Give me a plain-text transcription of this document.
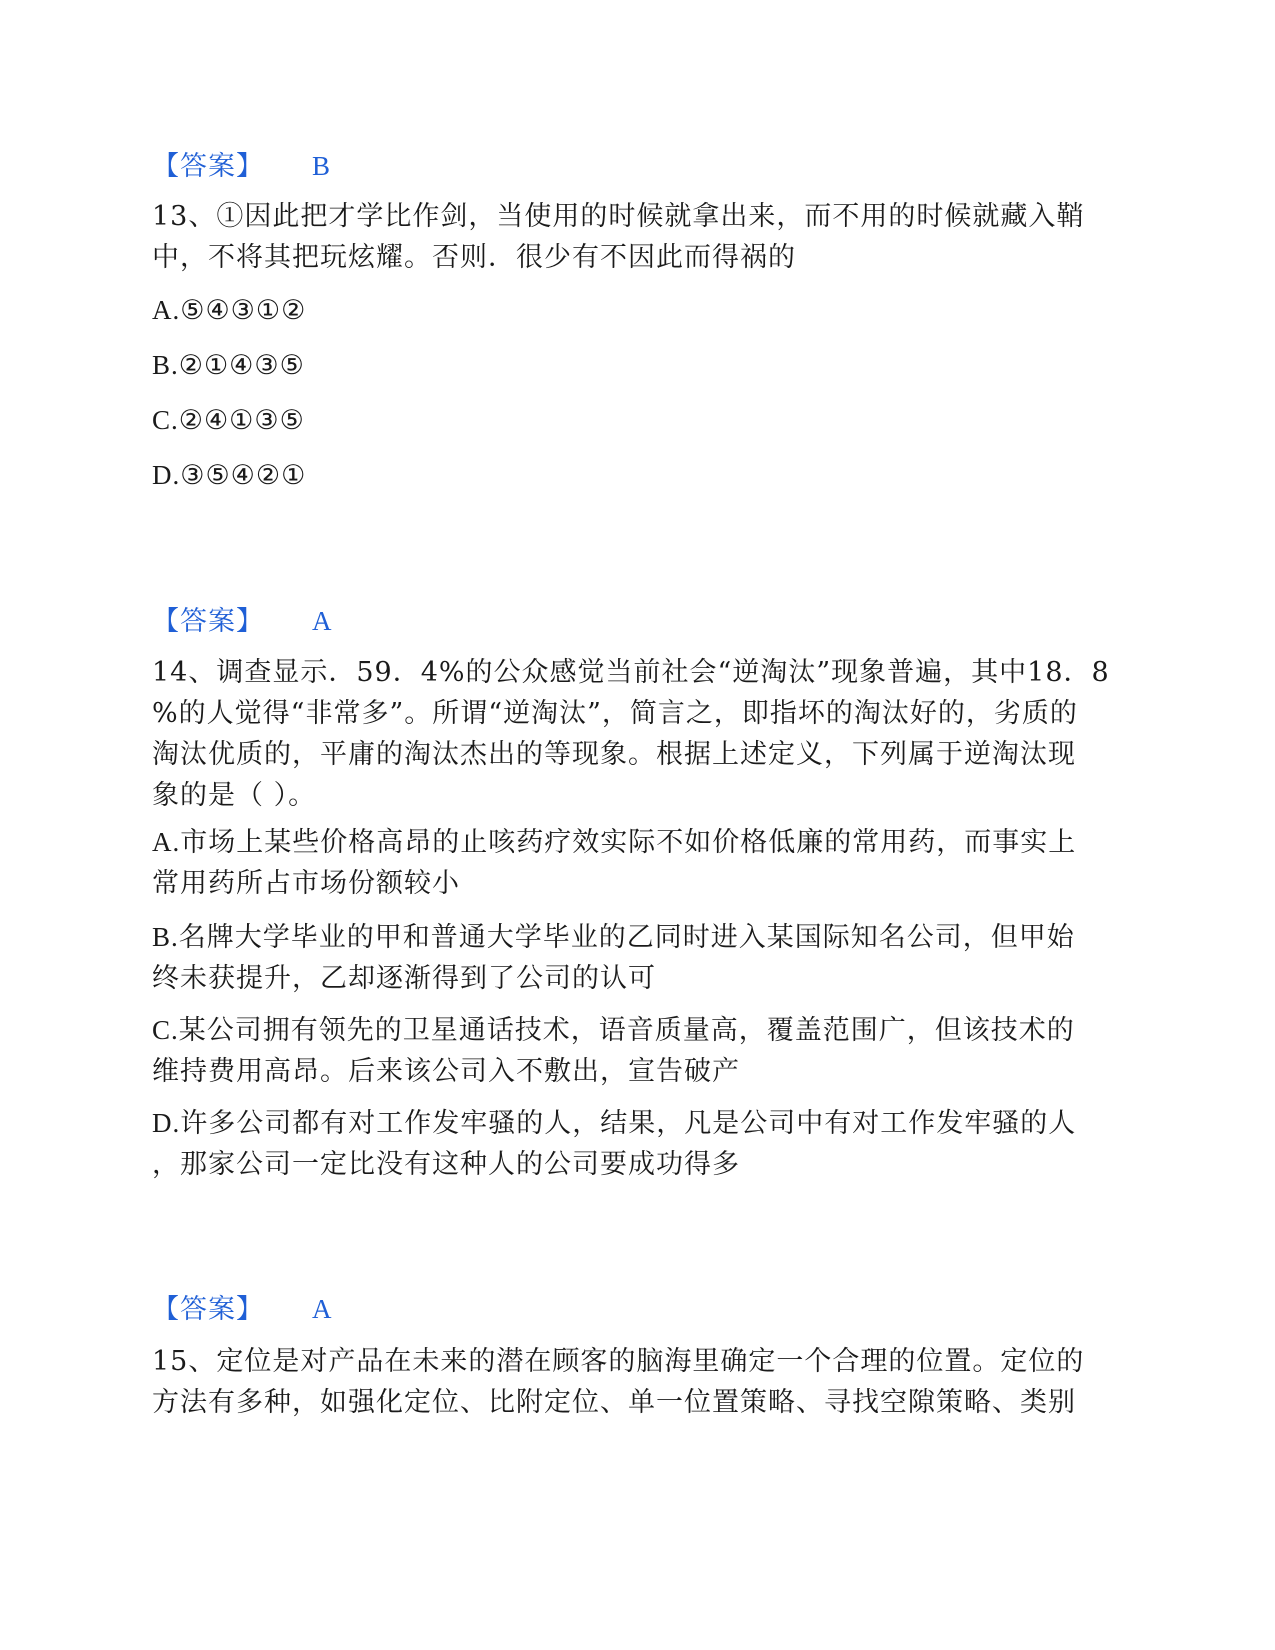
【答案】 B
13、①因此把才学比作剑，当使用的时候就拿出来，而不用的时候就藏入鞘
中，不将其把玩炫耀。否则．很少有不因此而得祸的
A.⑤④③①②
B.②①④③⑤
C.②④①③⑤
D.③⑤④②①
【答案】 A
14、调查显示．59．4%的公众感觉当前社会“逆淘汰”现象普遍，其中18．8
%的人觉得“非常多”。所谓“逆淘汰”，简言之，即指坏的淘汰好的，劣质的
淘汰优质的，平庸的淘汰杰出的等现象。根据上述定义，下列属于逆淘汰现
象的是（ ）。
A.市场上某些价格高昂的止咳药疗效实际不如价格低廉的常用药，而事实上
常用药所占市场份额较小
B.名牌大学毕业的甲和普通大学毕业的乙同时进入某国际知名公司，但甲始
终未获提升，乙却逐渐得到了公司的认可
C.某公司拥有领先的卫星通话技术，语音质量高，覆盖范围广，但该技术的
维持费用高昂。后来该公司入不敷出，宣告破产
D.许多公司都有对工作发牢骚的人，结果，凡是公司中有对工作发牢骚的人
，那家公司一定比没有这种人的公司要成功得多
【答案】 A
15、定位是对产品在未来的潜在顾客的脑海里确定一个合理的位置。定位的
方法有多种，如强化定位、比附定位、单一位置策略、寻找空隙策略、类别
